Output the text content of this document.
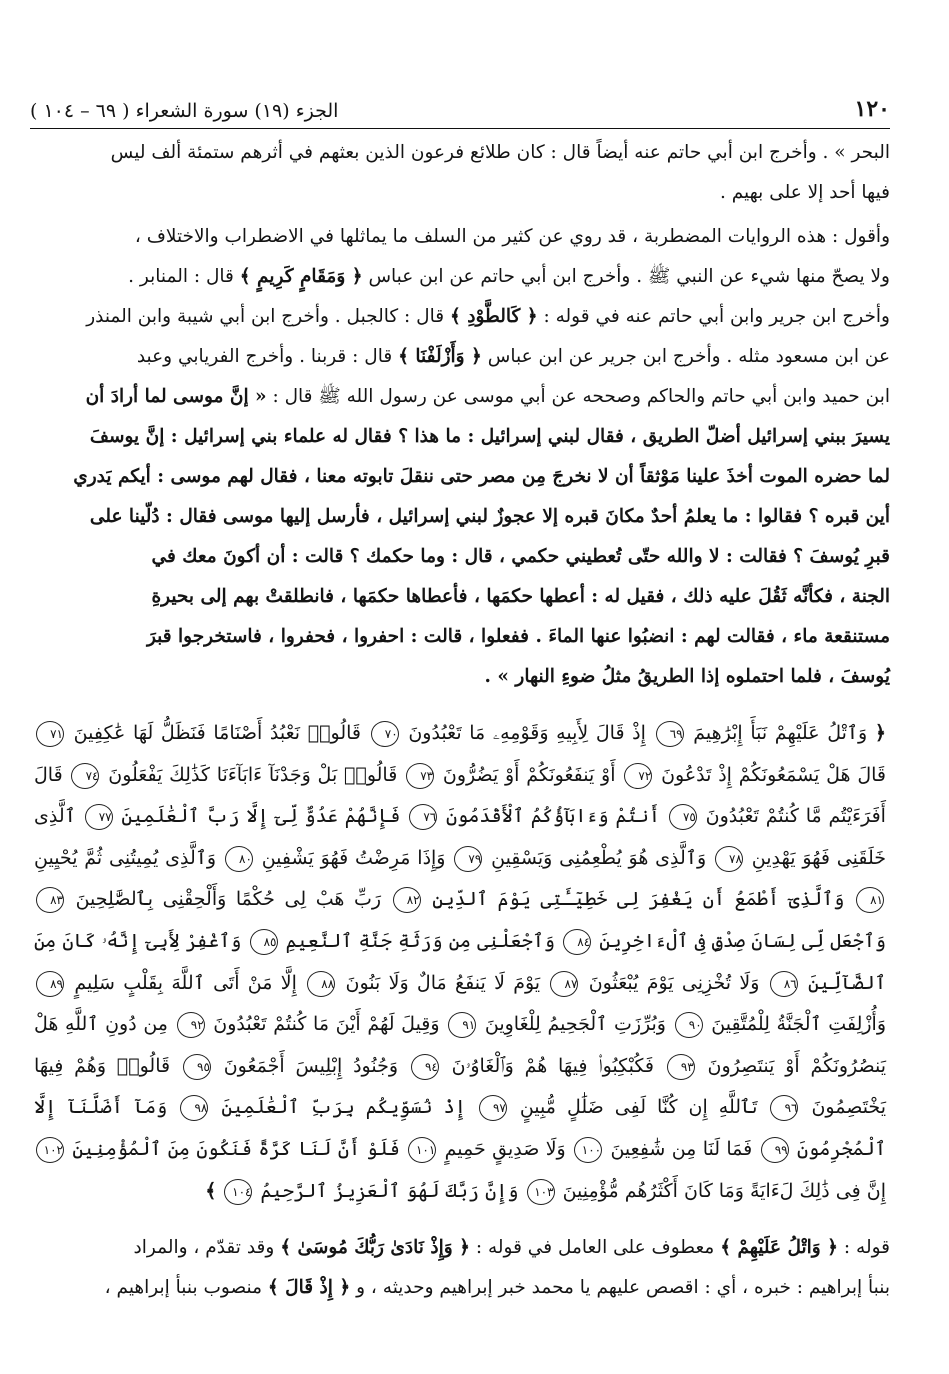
١٢٠
الجزء (١٩) سورة الشعراء ( ٦٩ – ١٠٤ )
البحر » . وأخرج ابن أبي حاتم عنه أيضاً قال : كان طلائع فرعون الذين بعثهم في أثرهم ستمئة ألف ليس
فيها أحد إلا على بهيم .
وأقول : هذه الروايات المضطربة ، قد روي عن كثير من السلف ما يماثلها في الاضطراب والاختلاف ،
ولا يصحّ منها شيء عن النبي ﷺ . وأخرج ابن أبي حاتم عن ابن عباس ﴿ وَمَقَامٍ كَرِيمٍ ﴾ قال : المنابر .
وأخرج ابن جرير وابن أبي حاتم عنه في قوله : ﴿ كَالطَّوْدِ ﴾ قال : كالجبل . وأخرج ابن أبي شيبة وابن المنذر
عن ابن مسعود مثله . وأخرج ابن جرير عن ابن عباس ﴿ وَأَزْلَفْنَا ﴾ قال : قربنا . وأخرج الفريابي وعبد
ابن حميد وابن أبي حاتم والحاكم وصححه عن أبي موسى عن رسول الله ﷺ قال : « إنَّ موسى لما أرادَ أن
يسيرَ ببني إسرائيل أضلّ الطريق ، فقال لبني إسرائيل : ما هذا ؟ فقال له علماء بني إسرائيل : إنَّ يوسفَ
لما حضره الموت أخذَ علينا مَوْثقاً أن لا نخرجَ مِن مصر حتى ننقلَ تابوته معنا ، فقال لهم موسى : أيكم يَدري
أين قبره ؟ فقالوا : ما يعلمُ أحدٌ مكانَ قبره إلا عجوزٌ لبني إسرائيل ، فأرسل إليها موسى فقال : دُلّينا على
قبرِ يُوسفَ ؟ فقالت : لا والله حتّى تُعطيني حكمي ، قال : وما حكمك ؟ قالت : أن أكونَ معك في
الجنة ، فكأنَّه ثَقُلَ عليه ذلك ، فقيل له : أعطها حكمَها ، فأعطاها حكمَها ، فانطلقتْ بهم إلى بحيرةِ
مستنقعة ماء ، فقالت لهم : انضبُوا عنها الماءَ . ففعلوا ، قالت : احفروا ، فحفروا ، فاستخرجوا قبرَ
يُوسفَ ، فلما احتملوه إذا الطريقُ مثلُ ضوءِ النهار » .
﴿ وَٱتْلُ عَلَيْهِمْ نَبَأَ إِبْرَٰهِيمَ ٦٩ إِذْ قَالَ لِأَبِيهِ وَقَوْمِهِۦ مَا تَعْبُدُونَ ٧٠ قَالُوا۟ نَعْبُدُ أَصْنَامًا فَنَظَلُّ لَهَا عَٰكِفِينَ ٧١ قَالَ هَلْ يَسْمَعُونَكُمْ إِذْ تَدْعُونَ ٧٢ أَوْ يَنفَعُونَكُمْ أَوْ يَضُرُّونَ ٧٣ قَالُوا۟ بَلْ وَجَدْنَآ ءَابَآءَنَا كَذَٰلِكَ يَفْعَلُونَ ٧٤ قَالَ أَفَرَءَيْتُم مَّا كُنتُمْ تَعْبُدُونَ ٧٥ أَنتُمْ وَءَابَآؤُكُمُ ٱلْأَقْدَمُونَ ٧٦ فَإِنَّهُمْ عَدُوٌّ لِّىٓ إِلَّا رَبَّ ٱلْعَٰلَمِينَ ٧٧ ٱلَّذِى خَلَقَنِى فَهُوَ يَهْدِينِ ٧٨ وَٱلَّذِى هُوَ يُطْعِمُنِى وَيَسْقِينِ ٧٩ وَإِذَا مَرِضْتُ فَهُوَ يَشْفِينِ ٨٠ وَٱلَّذِى يُمِيتُنِى ثُمَّ يُحْيِينِ ٨١ وَٱلَّذِىٓ أَطْمَعُ أَن يَغْفِرَ لِى خَطِيٓـَٔتِى يَوْمَ ٱلدِّينِ ٨٢ رَبِّ هَبْ لِى حُكْمًا وَأَلْحِقْنِى بِٱلصَّٰلِحِينَ ٨٣ وَٱجْعَل لِّى لِسَانَ صِدْقٍ فِى ٱلْءَاخِرِينَ ٨٤ وَٱجْعَلْنِى مِن وَرَثَةِ جَنَّةِ ٱلنَّعِيمِ ٨٥ وَٱغْفِرْ لِأَبِىٓ إِنَّهُۥ كَانَ مِنَ ٱلضَّآلِّينَ ٨٦ وَلَا تُخْزِنِى يَوْمَ يُبْعَثُونَ ٨٧ يَوْمَ لَا يَنفَعُ مَالٌ وَلَا بَنُونَ ٨٨ إِلَّا مَنْ أَتَى ٱللَّهَ بِقَلْبٍ سَلِيمٍ ٨٩ وَأُزْلِفَتِ ٱلْجَنَّةُ لِلْمُتَّقِينَ ٩٠ وَبُرِّزَتِ ٱلْجَحِيمُ لِلْغَاوِينَ ٩١ وَقِيلَ لَهُمْ أَيْنَ مَا كُنتُمْ تَعْبُدُونَ ٩٢ مِن دُونِ ٱللَّهِ هَلْ يَنصُرُونَكُمْ أَوْ يَنتَصِرُونَ ٩٣ فَكُبْكِبُوا۟ فِيهَا هُمْ وَٱلْغَاوُۥنَ ٩٤ وَجُنُودُ إِبْلِيسَ أَجْمَعُونَ ٩٥ قَالُوا۟ وَهُمْ فِيهَا يَخْتَصِمُونَ ٩٦ تَٱللَّهِ إِن كُنَّا لَفِى ضَلَٰلٍ مُّبِينٍ ٩٧ إِذْ نُسَوِّيكُم بِرَبِّ ٱلْعَٰلَمِينَ ٩٨ وَمَآ أَضَلَّنَآ إِلَّا ٱلْمُجْرِمُونَ ٩٩ فَمَا لَنَا مِن شَٰفِعِينَ ١٠٠ وَلَا صَدِيقٍ حَمِيمٍ ١٠١ فَلَوْ أَنَّ لَنَا كَرَّةً فَنَكُونَ مِنَ ٱلْمُؤْمِنِينَ ١٠٢ إِنَّ فِى ذَٰلِكَ لَءَايَةً وَمَا كَانَ أَكْثَرُهُم مُّؤْمِنِينَ ١٠٣ وَإِنَّ رَبَّكَ لَهُوَ ٱلْعَزِيزُ ٱلرَّحِيمُ ١٠٤ ﴾
قوله : ﴿ وَاتْلُ عَلَيْهِمْ ﴾ معطوف على العامل في قوله : ﴿ وَإِذْ نَادَىٰ رَبُّكَ مُوسَىٰ ﴾ وقد تقدّم ، والمراد
بنبأ إبراهيم : خبره ، أي : اقصص عليهم يا محمد خبر إبراهيم وحديثه ، و ﴿ إِذْ قَالَ ﴾ منصوب بنبأ إبراهيم ،
